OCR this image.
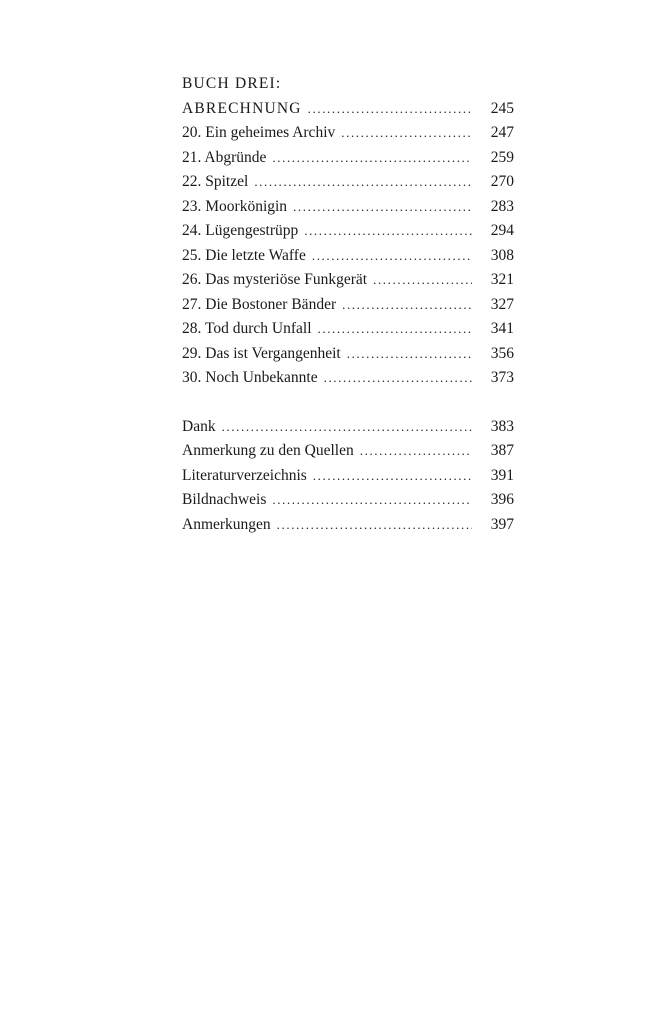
BUCH DREI:
ABRECHNUNG .....	245
20. Ein geheimes Archiv .....	247
21. Abgründe .....	259
22. Spitzel .....	270
23. Moorkönigin .....	283
24. Lügengestrüpp .....	294
25. Die letzte Waffe .....	308
26. Das mysteriöse Funkgerät .....	321
27. Die Bostoner Bänder .....	327
28. Tod durch Unfall .....	341
29. Das ist Vergangenheit .....	356
30. Noch Unbekannte .....	373
Dank .....	383
Anmerkung zu den Quellen .....	387
Literaturverzeichnis .....	391
Bildnachweis .....	396
Anmerkungen .....	397
